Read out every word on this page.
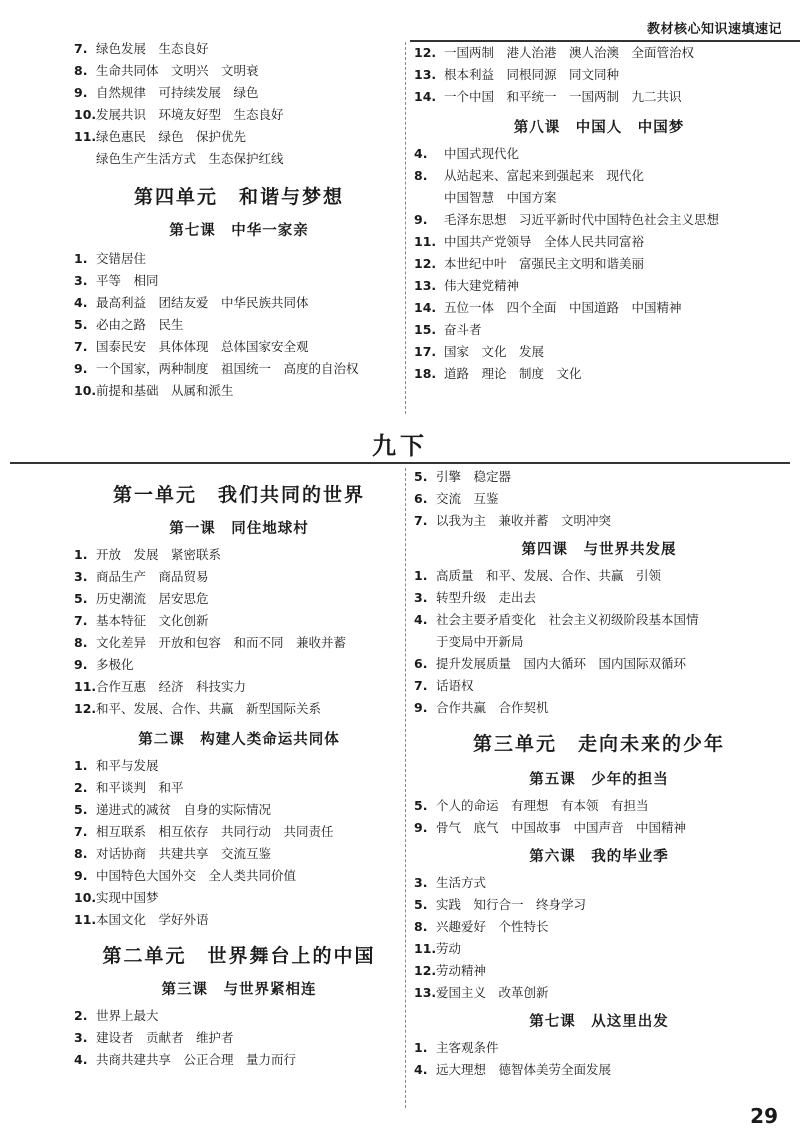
教材核心知识速填速记
7. 绿色发展　生态良好
8. 生命共同体　文明兴　文明衰
9. 自然规律　可持续发展　绿色
10.发展共识　环境友好型　生态良好
11.绿色惠民　绿色　保护优先
绿色生产生活方式　生态保护红线
第四单元　和谐与梦想
第七课　中华一家亲
1. 交错居住
3. 平等　相同
4. 最高利益　团结友爱　中华民族共同体
5. 必由之路　民生
7. 国泰民安　具体体现　总体国家安全观
9. 一个国家，两种制度　祖国统一　高度的自治权
10.前提和基础　从属和派生
12. 一国两制　港人治港　澳人治澳　全面管治权
13. 根本利益　同根同源　同文同种
14. 一个中国　和平统一　一国两制　九二共识
第八课　中国人　中国梦
4. 中国式现代化
8. 从站起来、富起来到强起来　现代化
中国智慧　中国方案
9. 毛泽东思想　习近平新时代中国特色社会主义思想
11. 中国共产党领导　全体人民共同富裕
12. 本世纪中叶　富强民主文明和谐美丽
13. 伟大建党精神
14. 五位一体　四个全面　中国道路　中国精神
15. 奋斗者
17. 国家　文化　发展
18. 道路　理论　制度　文化
九下
第一单元　我们共同的世界
第一课　同住地球村
1. 开放　发展　紧密联系
3. 商品生产　商品贸易
5. 历史潮流　居安思危
7. 基本特征　文化创新
8. 文化差异　开放和包容　和而不同　兼收并蓄
9. 多极化
11.合作互惠　经济　科技实力
12.和平、发展、合作、共赢　新型国际关系
第二课　构建人类命运共同体
1. 和平与发展
2. 和平谈判　和平
5. 递进式的减贫　自身的实际情况
7. 相互联系　相互依存　共同行动　共同责任
8. 对话协商　共建共享　交流互鉴
9. 中国特色大国外交　全人类共同价值
10.实现中国梦
11.本国文化　学好外语
第二单元　世界舞台上的中国
第三课　与世界紧相连
2. 世界上最大
3. 建设者　贡献者　维护者
4. 共商共建共享　公正合理　量力而行
5. 引擎　稳定器
6. 交流　互鉴
7. 以我为主　兼收并蓄　文明冲突
第四课　与世界共发展
1. 高质量　和平、发展、合作、共赢　引领
3. 转型升级　走出去
4. 社会主要矛盾变化　社会主义初级阶段基本国情
于变局中开新局
6. 提升发展质量　国内大循环　国内国际双循环
7. 话语权
9. 合作共赢　合作契机
第三单元　走向未来的少年
第五课　少年的担当
5. 个人的命运　有理想　有本领　有担当
9. 骨气　底气　中国故事　中国声音　中国精神
第六课　我的毕业季
3. 生活方式
5. 实践　知行合一　终身学习
8. 兴趣爱好　个性特长
11.劳动
12.劳动精神
13.爱国主义　改革创新
第七课　从这里出发
1. 主客观条件
4. 远大理想　德智体美劳全面发展
29
